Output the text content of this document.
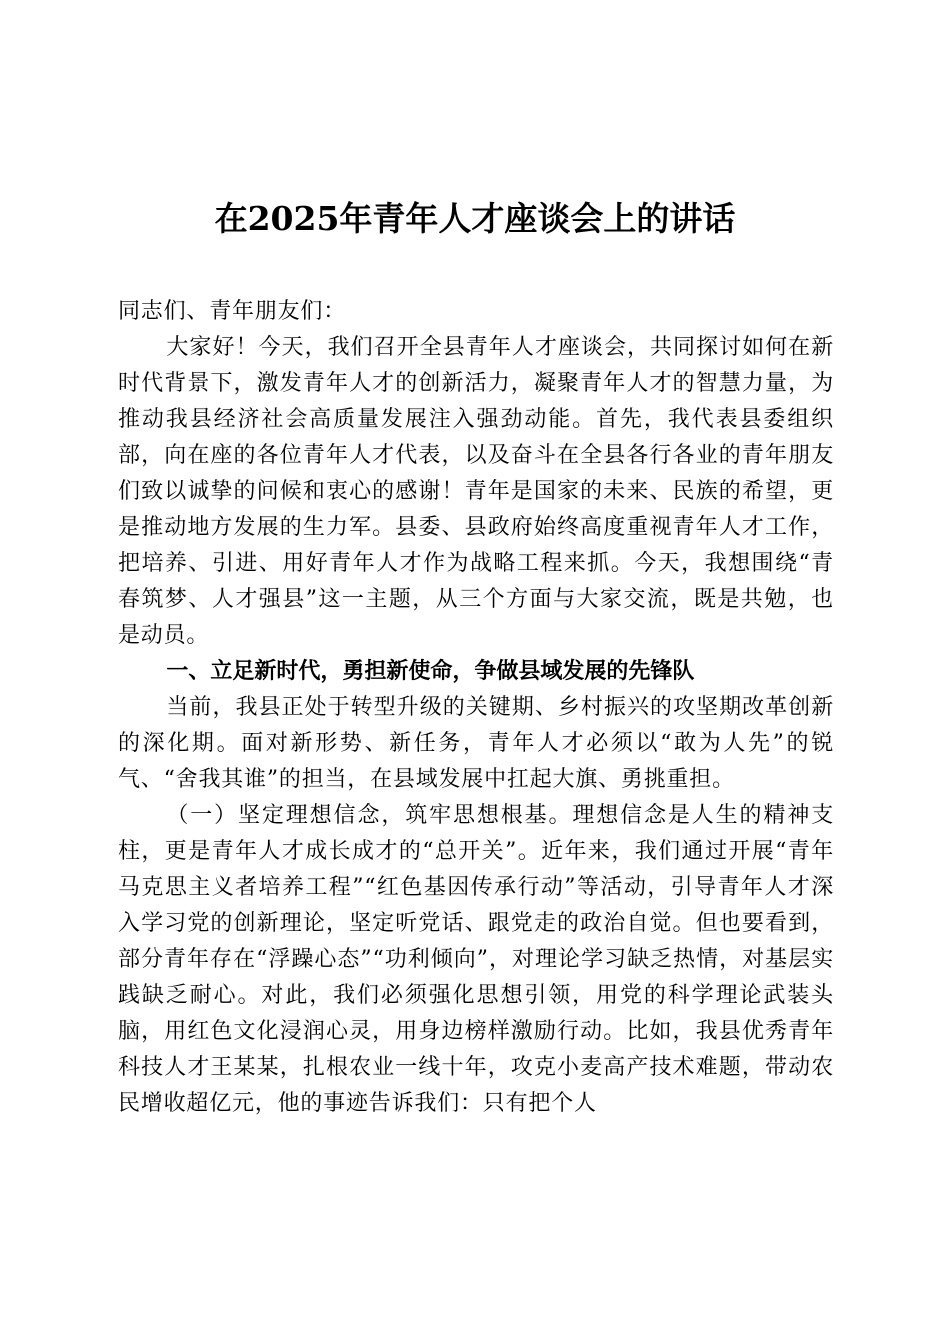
在2025年青年人才座谈会上的讲话

同志们、青年朋友们：

大家好！今天，我们召开全县青年人才座谈会，共同探讨如何在新时代背景下，激发青年人才的创新活力，凝聚青年人才的智慧力量，为推动我县经济社会高质量发展注入强劲动能。首先，我代表县委组织部，向在座的各位青年人才代表，以及奋斗在全县各行各业的青年朋友们致以诚挚的问候和衷心的感谢！青年是国家的未来、民族的希望，更是推动地方发展的生力军。县委、县政府始终高度重视青年人才工作，把培养、引进、用好青年人才作为战略工程来抓。今天，我想围绕“青春筑梦、人才强县”这一主题，从三个方面与大家交流，既是共勉，也是动员。

一、立足新时代，勇担新使命，争做县域发展的先锋队

当前，我县正处于转型升级的关键期、乡村振兴的攻坚期改革创新的深化期。面对新形势、新任务，青年人才必须以“敢为人先”的锐气、“舍我其谁”的担当，在县域发展中扛起大旗、勇挑重担。

（一）坚定理想信念，筑牢思想根基。理想信念是人生的精神支柱，更是青年人才成长成才的“总开关”。近年来，我们通过开展“青年马克思主义者培养工程”“红色基因传承行动”等活动，引导青年人才深入学习党的创新理论，坚定听党话、跟党走的政治自觉。但也要看到，部分青年存在“浮躁心态”“功利倾向”，对理论学习缺乏热情，对基层实践缺乏耐心。对此，我们必须强化思想引领，用党的科学理论武装头脑，用红色文化浸润心灵，用身边榜样激励行动。比如，我县优秀青年科技人才王某某，扎根农业一线十年，攻克小麦高产技术难题，带动农民增收超亿元，他的事迹告诉我们：只有把个人
